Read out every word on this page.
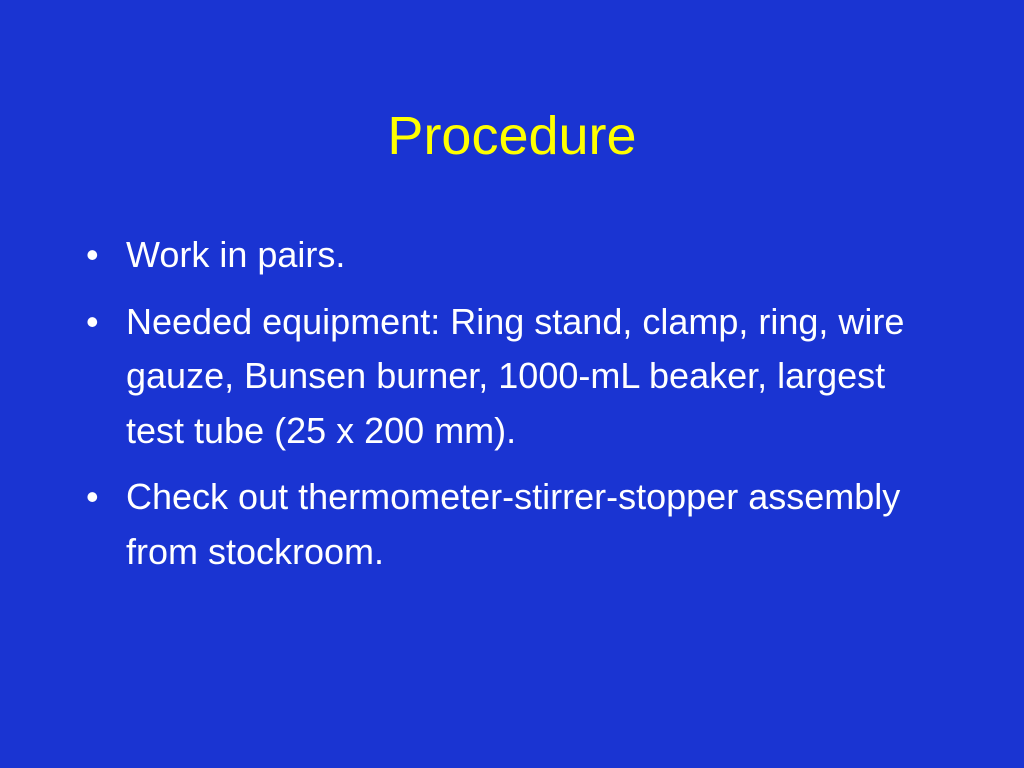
Procedure
• Work in pairs.
• Needed equipment: Ring stand, clamp, ring, wire gauze, Bunsen burner, 1000-mL beaker, largest test tube (25 x 200 mm).
• Check out thermometer-stirrer-stopper assembly from stockroom.
